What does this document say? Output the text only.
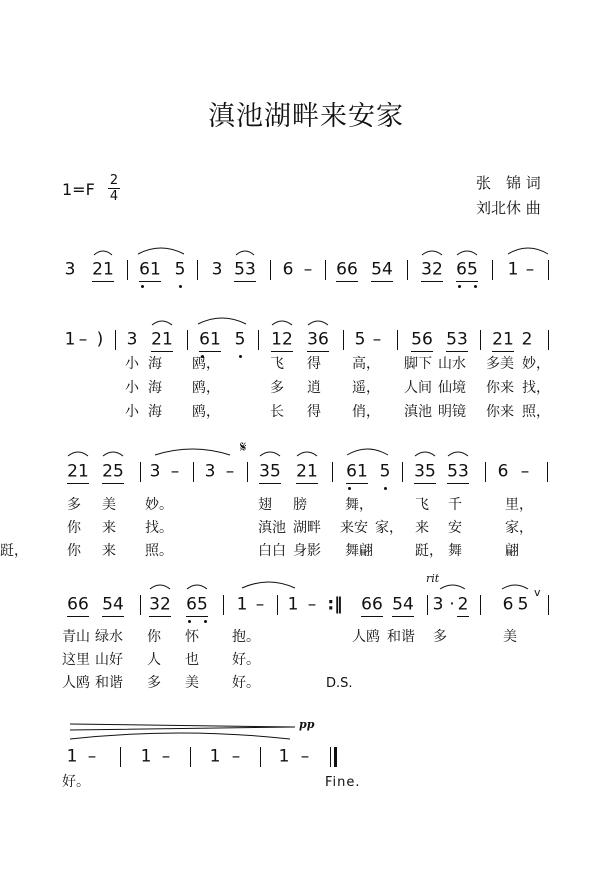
滇池湖畔来安家
1=F 2
4
张　锦 词
刘北休 曲
𝄋
rit
v
pp
D.S.
Fine.
3 21 61 5 3 53 6 – 66 54 32 65 1 –
1 – ) 3 21 61 5 12 36 5 – 56 53 21 2
小 海 鸥，	飞 得 高， 脚下 山水 多美 妙，
小 海 鸥，	多 逍 遥， 人间 仙境 你来 找，
小 海 鸥，	长 得 俏， 滇池 明镜 你来 照，
21 25 3 – 3 – 35 21 61 5 35 53 6 –
多 美 妙。	翅 膀	舞，	飞 千	里，
你 来 找。	滇池 湖畔 来安 家， 来 安	家，
你 来 照。	白白 身影 舞翩	跹， 舞	翩
跹，
66 54 32 65 1 – 1 – :‖ 66 54 3 · 2 6 5
青山 绿水 你 怀 抱。	人鸥 和谐 多	美
这里 山好 人 也 好。
人鸥 和谐 多 美 好。
1 –	1 – 1 – 1 –
好。
